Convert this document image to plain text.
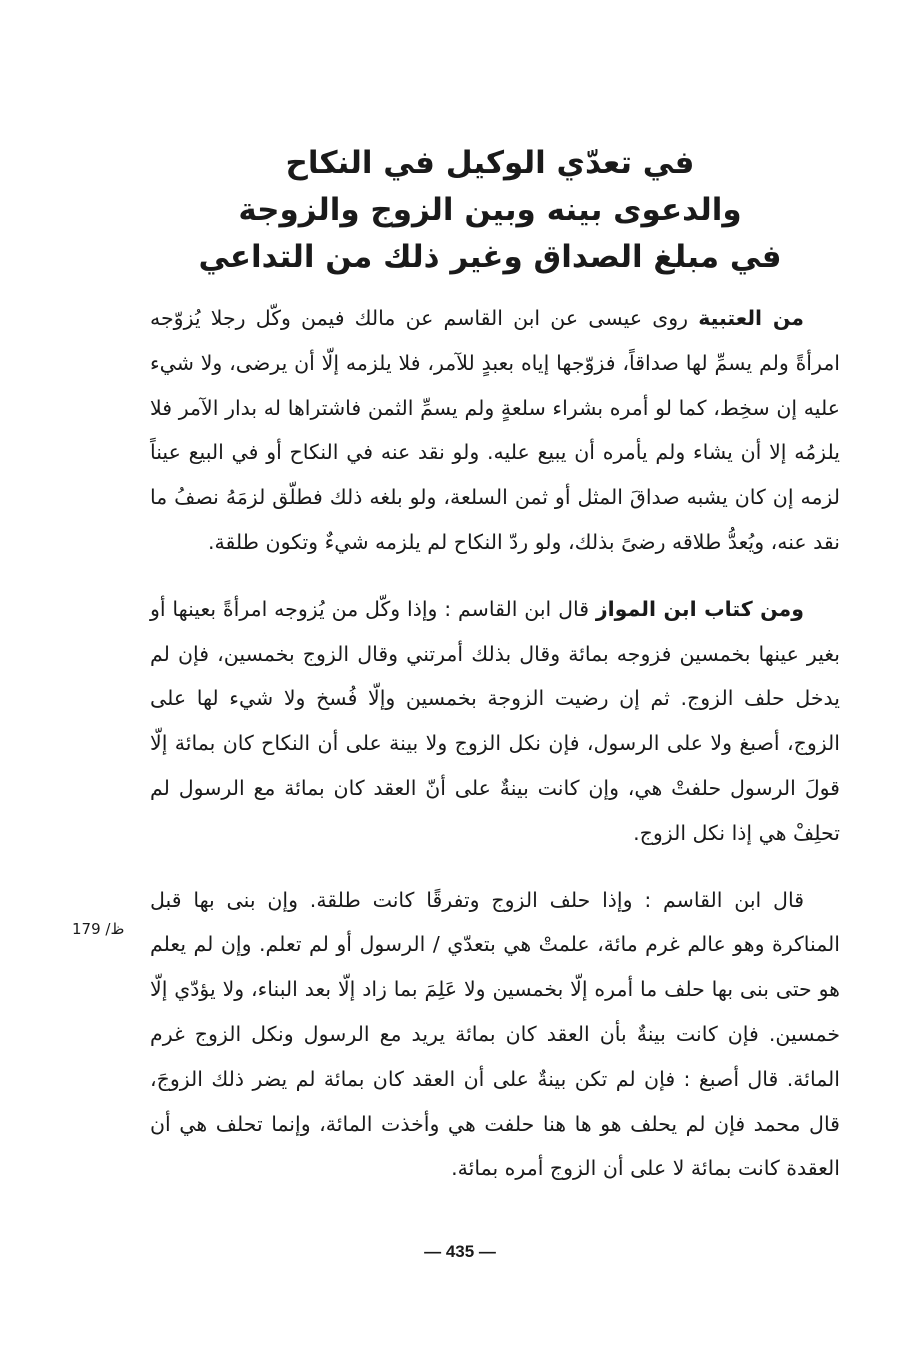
في تعدّي الوكيل في النكاح
والدعوى بينه وبين الزوج والزوجة
في مبلغ الصداق وغير ذلك من التداعي

من العتبية روى عيسى عن ابن القاسم عن مالك فيمن وكّل رجلا يُزوّجه امرأةً ولم يسمِّ لها صداقاً، فزوّجها إياه بعبدٍ للآمر، فلا يلزمه إلّا أن يرضى، ولا شيء عليه إن سخِط، كما لو أمره بشراء سلعةٍ ولم يسمِّ الثمن فاشتراها له بدار الآمر فلا يلزمُه إلا أن يشاء ولم يأمره أن يبيع عليه. ولو نقد عنه في النكاح أو في البيع عيناً لزمه إن كان يشبه صداقَ المثل أو ثمن السلعة، ولو بلغه ذلك فطلّق لزمَهُ نصفُ ما نقد عنه، ويُعدُّ طلاقه رضىً بذلك، ولو ردّ النكاح لم يلزمه شيءٌ وتكون طلقة.

ومن كتاب ابن المواز قال ابن القاسم : وإذا وكّل من يُزوجه امرأةً بعينها أو بغير عينها بخمسين فزوجه بمائة وقال بذلك أمرتني وقال الزوج بخمسين، فإن لم يدخل حلف الزوج. ثم إن رضيت الزوجة بخمسين وإلّا فُسخ ولا شيء لها على الزوج، أصبغ ولا على الرسول، فإن نكل الزوج ولا بينة على أن النكاح كان بمائة إلّا قولَ الرسول حلفتْ هي، وإن كانت بينةٌ على أنّ العقد كان بمائة مع الرسول لم تحلِفْ هي إذا نكل الزوج.

قال ابن القاسم : وإذا حلف الزوج وتفرقًا كانت طلقة. وإن بنى بها قبل المناكرة وهو عالم غرم مائة، علمتْ هي بتعدّي / الرسول أو لم تعلم. وإن لم يعلم هو حتى بنى بها حلف ما أمره إلّا بخمسين ولا عَلِمَ بما زاد إلّا بعد البناء، ولا يؤدّي إلّا خمسين. فإن كانت بينةٌ بأن العقد كان بمائة يريد مع الرسول ونكل الزوج غرم المائة. قال أصبغ : فإن لم تكن بينةٌ على أن العقد كان بمائة لم يضر ذلك الزوجَ، قال محمد فإن لم يحلف هو ها هنا حلفت هي وأخذت المائة، وإنما تحلف هي أن العقدة كانت بمائة لا على أن الزوج أمره بمائة.

ظ/ 179
— 435 —
